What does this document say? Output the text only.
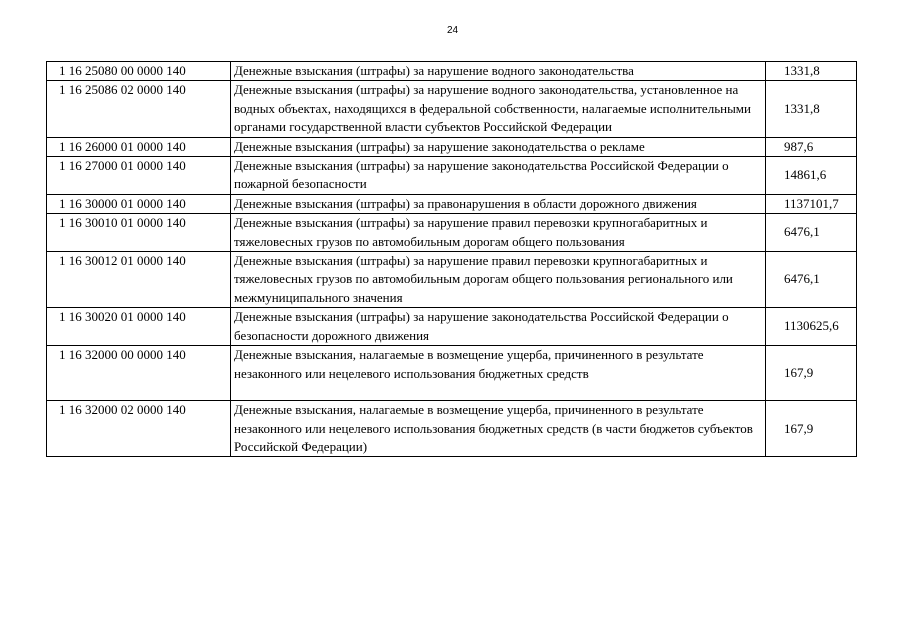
24
1 16 25080 00 0000 140	Денежные взыскания (штрафы) за нарушение водного законодательства	1331,8
1 16 25086 02 0000 140	Денежные взыскания (штрафы) за нарушение водного законодательства, установленное на водных объектах, находящихся в федеральной собственности, налагаемые исполнительными органами государственной власти субъектов Российской Федерации	1331,8
1 16 26000 01 0000 140	Денежные взыскания (штрафы) за нарушение законодательства о рекламе	987,6
1 16 27000 01 0000 140	Денежные взыскания (штрафы) за нарушение законодательства Российской Федерации о пожарной безопасности	14861,6
1 16 30000 01 0000 140	Денежные взыскания (штрафы) за правонарушения в области дорожного движения	1137101,7
1 16 30010 01 0000 140	Денежные взыскания (штрафы) за нарушение правил перевозки крупногабаритных и тяжеловесных грузов по автомобильным дорогам общего пользования	6476,1
1 16 30012 01 0000 140	Денежные взыскания (штрафы) за нарушение правил перевозки крупногабаритных и тяжеловесных грузов по автомобильным дорогам общего пользования регионального или межмуниципального значения	6476,1
1 16 30020 01 0000 140	Денежные взыскания (штрафы) за нарушение законодательства Российской Федерации о безопасности дорожного движения	1130625,6
1 16 32000 00 0000 140	Денежные взыскания, налагаемые в возмещение ущерба, причиненного в результате незаконного или нецелевого использования бюджетных средств	167,9
1 16 32000 02 0000 140	Денежные взыскания, налагаемые в возмещение ущерба, причиненного в результате незаконного или нецелевого использования бюджетных средств (в части бюджетов субъектов Российской Федерации)	167,9
